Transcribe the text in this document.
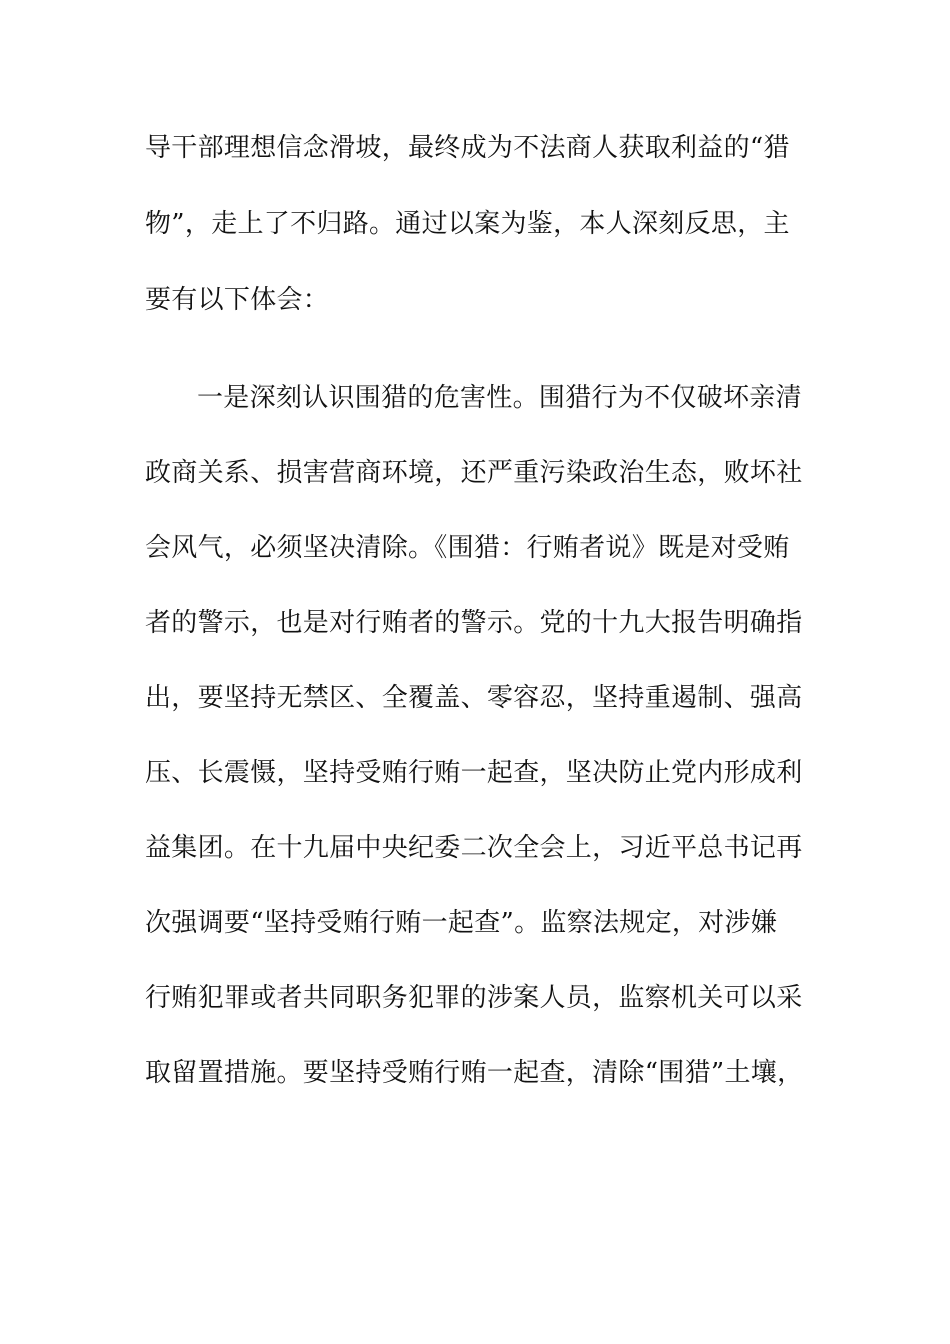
导干部理想信念滑坡，最终成为不法商人获取利益的“猎
物”，走上了不归路。通过以案为鉴，本人深刻反思，主
要有以下体会：
一是深刻认识围猎的危害性。围猎行为不仅破坏亲清
政商关系、损害营商环境，还严重污染政治生态，败坏社
会风气，必须坚决清除。《围猎：行贿者说》既是对受贿
者的警示，也是对行贿者的警示。党的十九大报告明确指
出，要坚持无禁区、全覆盖、零容忍，坚持重遏制、强高
压、长震慑，坚持受贿行贿一起查，坚决防止党内形成利
益集团。在十九届中央纪委二次全会上，习近平总书记再
次强调要“坚持受贿行贿一起查”。监察法规定，对涉嫌
行贿犯罪或者共同职务犯罪的涉案人员，监察机关可以采
取留置措施。要坚持受贿行贿一起查，清除“围猎”土壤，
